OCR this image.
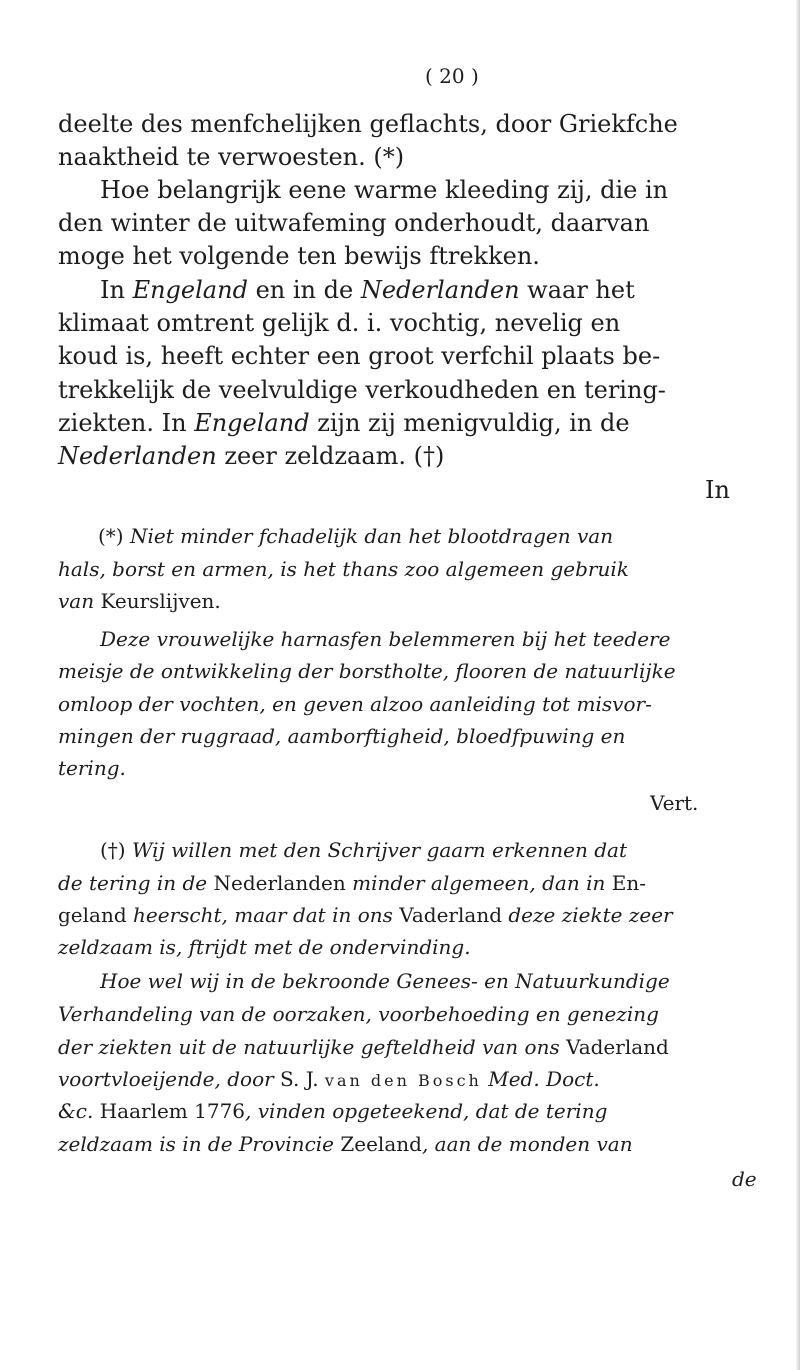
( 20 )
deelte des menfchelijken geflachts, door Griekfche
naaktheid te verwoesten. (*)
Hoe belangrijk eene warme kleeding zij, die in
den winter de uitwafeming onderhoudt, daarvan
moge het volgende ten bewijs ftrekken.
In Engeland en in de Nederlanden waar het
klimaat omtrent gelijk d. i. vochtig, nevelig en
koud is, heeft echter een groot verfchil plaats be-
trekkelijk de veelvuldige verkoudheden en tering-
ziekten. In Engeland zijn zij menigvuldig, in de
Nederlanden zeer zeldzaam. (†)
In
(*) Niet minder fchadelijk dan het blootdragen van
hals, borst en armen, is het thans zoo algemeen gebruik
van Keurslijven.
Deze vrouwelijke harnasfen belemmeren bij het teedere
meisje de ontwikkeling der borstholte, flooren de natuurlijke
omloop der vochten, en geven alzoo aanleiding tot misvor-
mingen der ruggraad, aamborftigheid, bloedfpuwing en
tering.
Vert.
(†) Wij willen met den Schrijver gaarn erkennen dat
de tering in de Nederlanden minder algemeen, dan in En-
geland heerscht, maar dat in ons Vaderland deze ziekte zeer
zeldzaam is, ftrijdt met de ondervinding.
Hoe wel wij in de bekroonde Genees- en Natuurkundige
Verhandeling van de oorzaken, voorbehoeding en genezing
der ziekten uit de natuurlijke gefteldheid van ons Vaderland
voortvloeijende, door S. J. van den Bosch Med. Doct.
&c. Haarlem 1776, vinden opgeteekend, dat de tering
zeldzaam is in de Provincie Zeeland, aan de monden van
de
